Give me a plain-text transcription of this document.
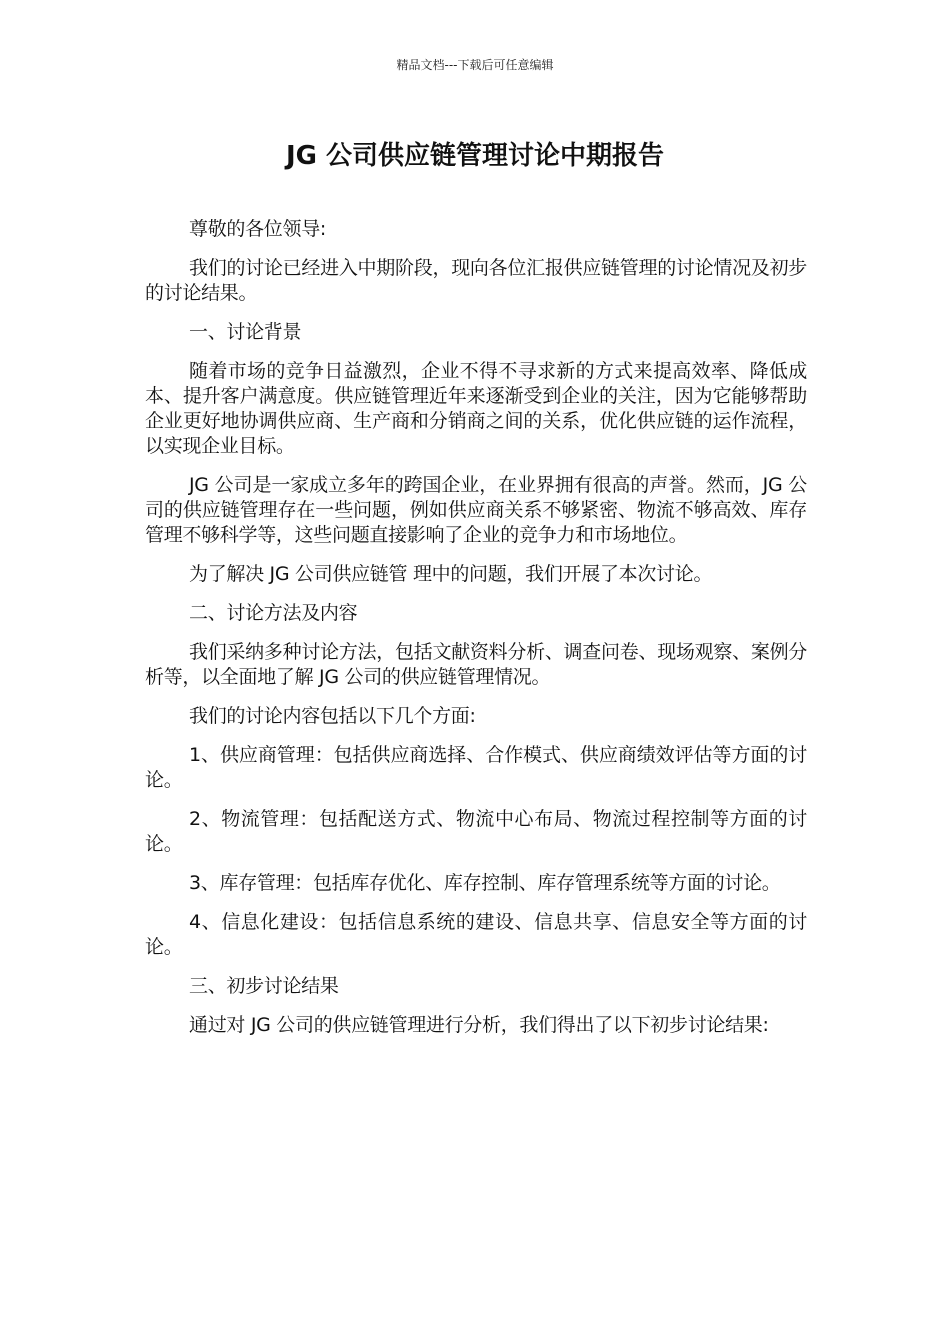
精品文档---下载后可任意编辑
JG 公司供应链管理讨论中期报告

尊敬的各位领导:

我们的讨论已经进入中期阶段，现向各位汇报供应链管理的讨论情况及初步的讨论结果。

一、讨论背景

随着市场的竞争日益激烈，企业不得不寻求新的方式来提高效率、降低成本、提升客户满意度。供应链管理近年来逐渐受到企业的关注，因为它能够帮助企业更好地协调供应商、生产商和分销商之间的关系，优化供应链的运作流程，以实现企业目标。

JG 公司是一家成立多年的跨国企业，在业界拥有很高的声誉。然而，JG 公司的供应链管理存在一些问题，例如供应商关系不够紧密、物流不够高效、库存管理不够科学等，这些问题直接影响了企业的竞争力和市场地位。

为了解决 JG 公司供应链管 理中的问题，我们开展了本次讨论。

二、讨论方法及内容

我们采纳多种讨论方法，包括文献资料分析、调查问卷、现场观察、案例分析等，以全面地了解 JG 公司的供应链管理情况。

我们的讨论内容包括以下几个方面:

1、供应商管理：包括供应商选择、合作模式、供应商绩效评估等方面的讨论。

2、物流管理：包括配送方式、物流中心布局、物流过程控制等方面的讨论。

3、库存管理：包括库存优化、库存控制、库存管理系统等方面的讨论。

4、信息化建设：包括信息系统的建设、信息共享、信息安全等方面的讨论。

三、初步讨论结果

通过对 JG 公司的供应链管理进行分析，我们得出了以下初步讨论结果:
